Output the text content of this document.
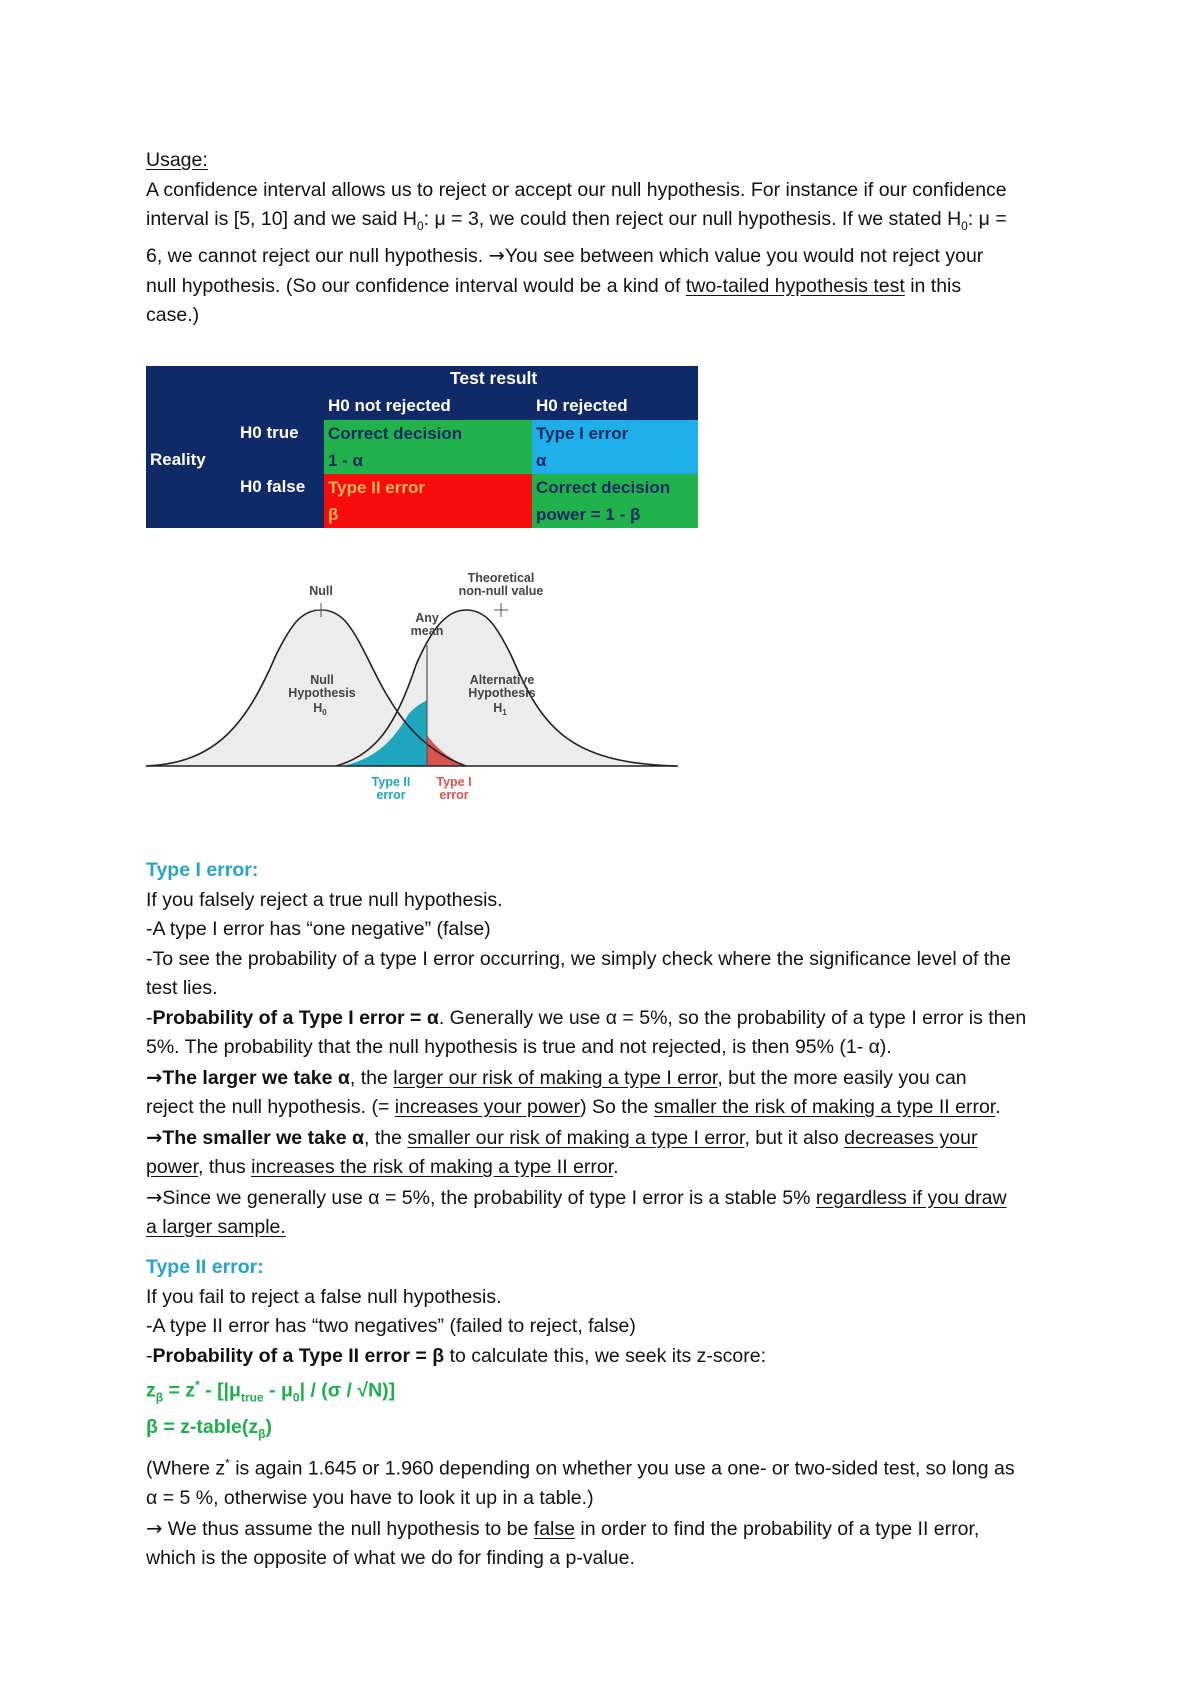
Usage:

A confidence interval allows us to reject or accept our null hypothesis. For instance if our confidence

interval is [5, 10] and we said $H_0$: μ = 3, we could then reject our null hypothesis. If we stated $H_0$: μ =

6, we cannot reject our null hypothesis. →You see between which value you would not reject your

null hypothesis. (So our confidence interval would be a kind of two-tailed hypothesis test in this

case.)

Test result
H0 not rejected	H0 rejected
Reality
H0 true
H0 false
Correct decision
1 - α
Type I error
α
Type II error
β
Correct decision
power = 1 - β
Null
Theoretical
non-null value
Any
mean
Null
Hypothesis
$H_0$
Alternative
Hypothesis
$H_1$
Type II
error
Type I
error

Type I error:

If you falsely reject a true null hypothesis.

-A type I error has “one negative” (false)

-To see the probability of a type I error occurring, we simply check where the significance level of the

test lies.

-Probability of a Type I error = α. Generally we use α = 5%, so the probability of a type I error is then

5%. The probability that the null hypothesis is true and not rejected, is then 95% (1- α).

→The larger we take α, the larger our risk of making a type I error, but the more easily you can

reject the null hypothesis. (= increases your power) So the smaller the risk of making a type II error.

→The smaller we take α, the smaller our risk of making a type I error, but it also decreases your

power, thus increases the risk of making a type II error.

→Since we generally use α = 5%, the probability of type I error is a stable 5% regardless if you draw

a larger sample.

Type II error:

If you fail to reject a false null hypothesis.

-A type II error has “two negatives” (failed to reject, false)

-Probability of a Type II error = β to calculate this, we seek its z-score:

$z_\beta = z^* - [|\mu_{true} - \mu_0| / (\sigma / √N)]$

$\beta = z-table(z_\beta)$

(Where z* is again 1.645 or 1.960 depending on whether you use a one- or two-sided test, so long as

α = 5 %, otherwise you have to look it up in a table.)

→ We thus assume the null hypothesis to be false in order to find the probability of a type II error,

which is the opposite of what we do for finding a p-value.
